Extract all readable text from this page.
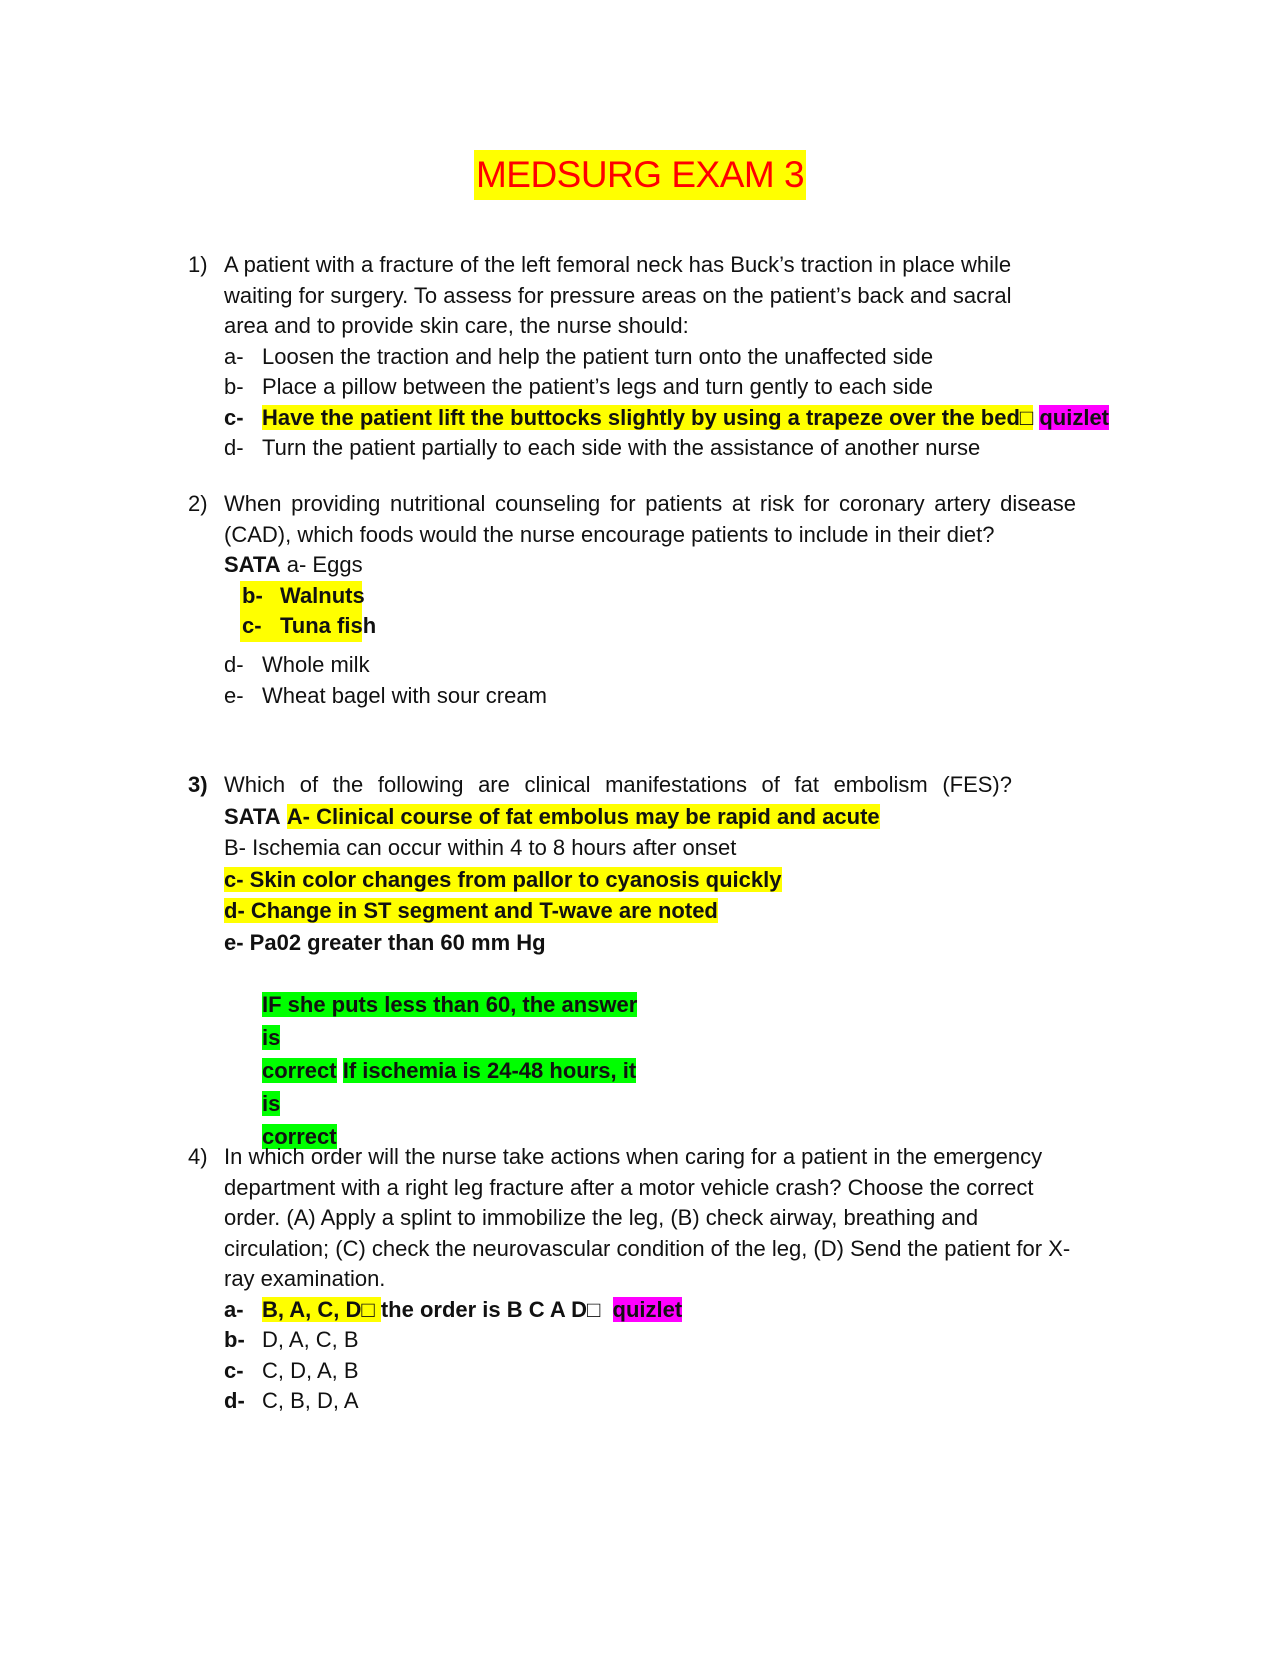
MEDSURG EXAM 3
1) A patient with a fracture of the left femoral neck has Buck’s traction in place while waiting for surgery. To assess for pressure areas on the patient’s back and sacral area and to provide skin care, the nurse should:
a- Loosen the traction and help the patient turn onto the unaffected side
b- Place a pillow between the patient’s legs and turn gently to each side
c- Have the patient lift the buttocks slightly by using a trapeze over the bed□ quizlet
d- Turn the patient partially to each side with the assistance of another nurse
2) When providing nutritional counseling for patients at risk for coronary artery disease (CAD), which foods would the nurse encourage patients to include in their diet?
SATA a- Eggs
b- Walnuts
c- Tuna fish
d- Whole milk
e- Wheat bagel with sour cream
3) Which of the following are clinical manifestations of fat embolism (FES)?
SATA A- Clinical course of fat embolus may be rapid and acute
B- Ischemia can occur within 4 to 8 hours after onset
c- Skin color changes from pallor to cyanosis quickly
d- Change in ST segment and T-wave are noted
e- Pa02 greater than 60 mm Hg
IF she puts less than 60, the answer is
correct If ischemia is 24-48 hours, it is
correct
4) In which order will the nurse take actions when caring for a patient in the emergency department with a right leg fracture after a motor vehicle crash? Choose the correct order. (A) Apply a splint to immobilize the leg, (B) check airway, breathing and circulation; (C) check the neurovascular condition of the leg, (D) Send the patient for X- ray examination.
a- B, A, C, D□ the order is B C A D□  quizlet
b- D, A, C, B
c- C, D, A, B
d- C, B, D, A
